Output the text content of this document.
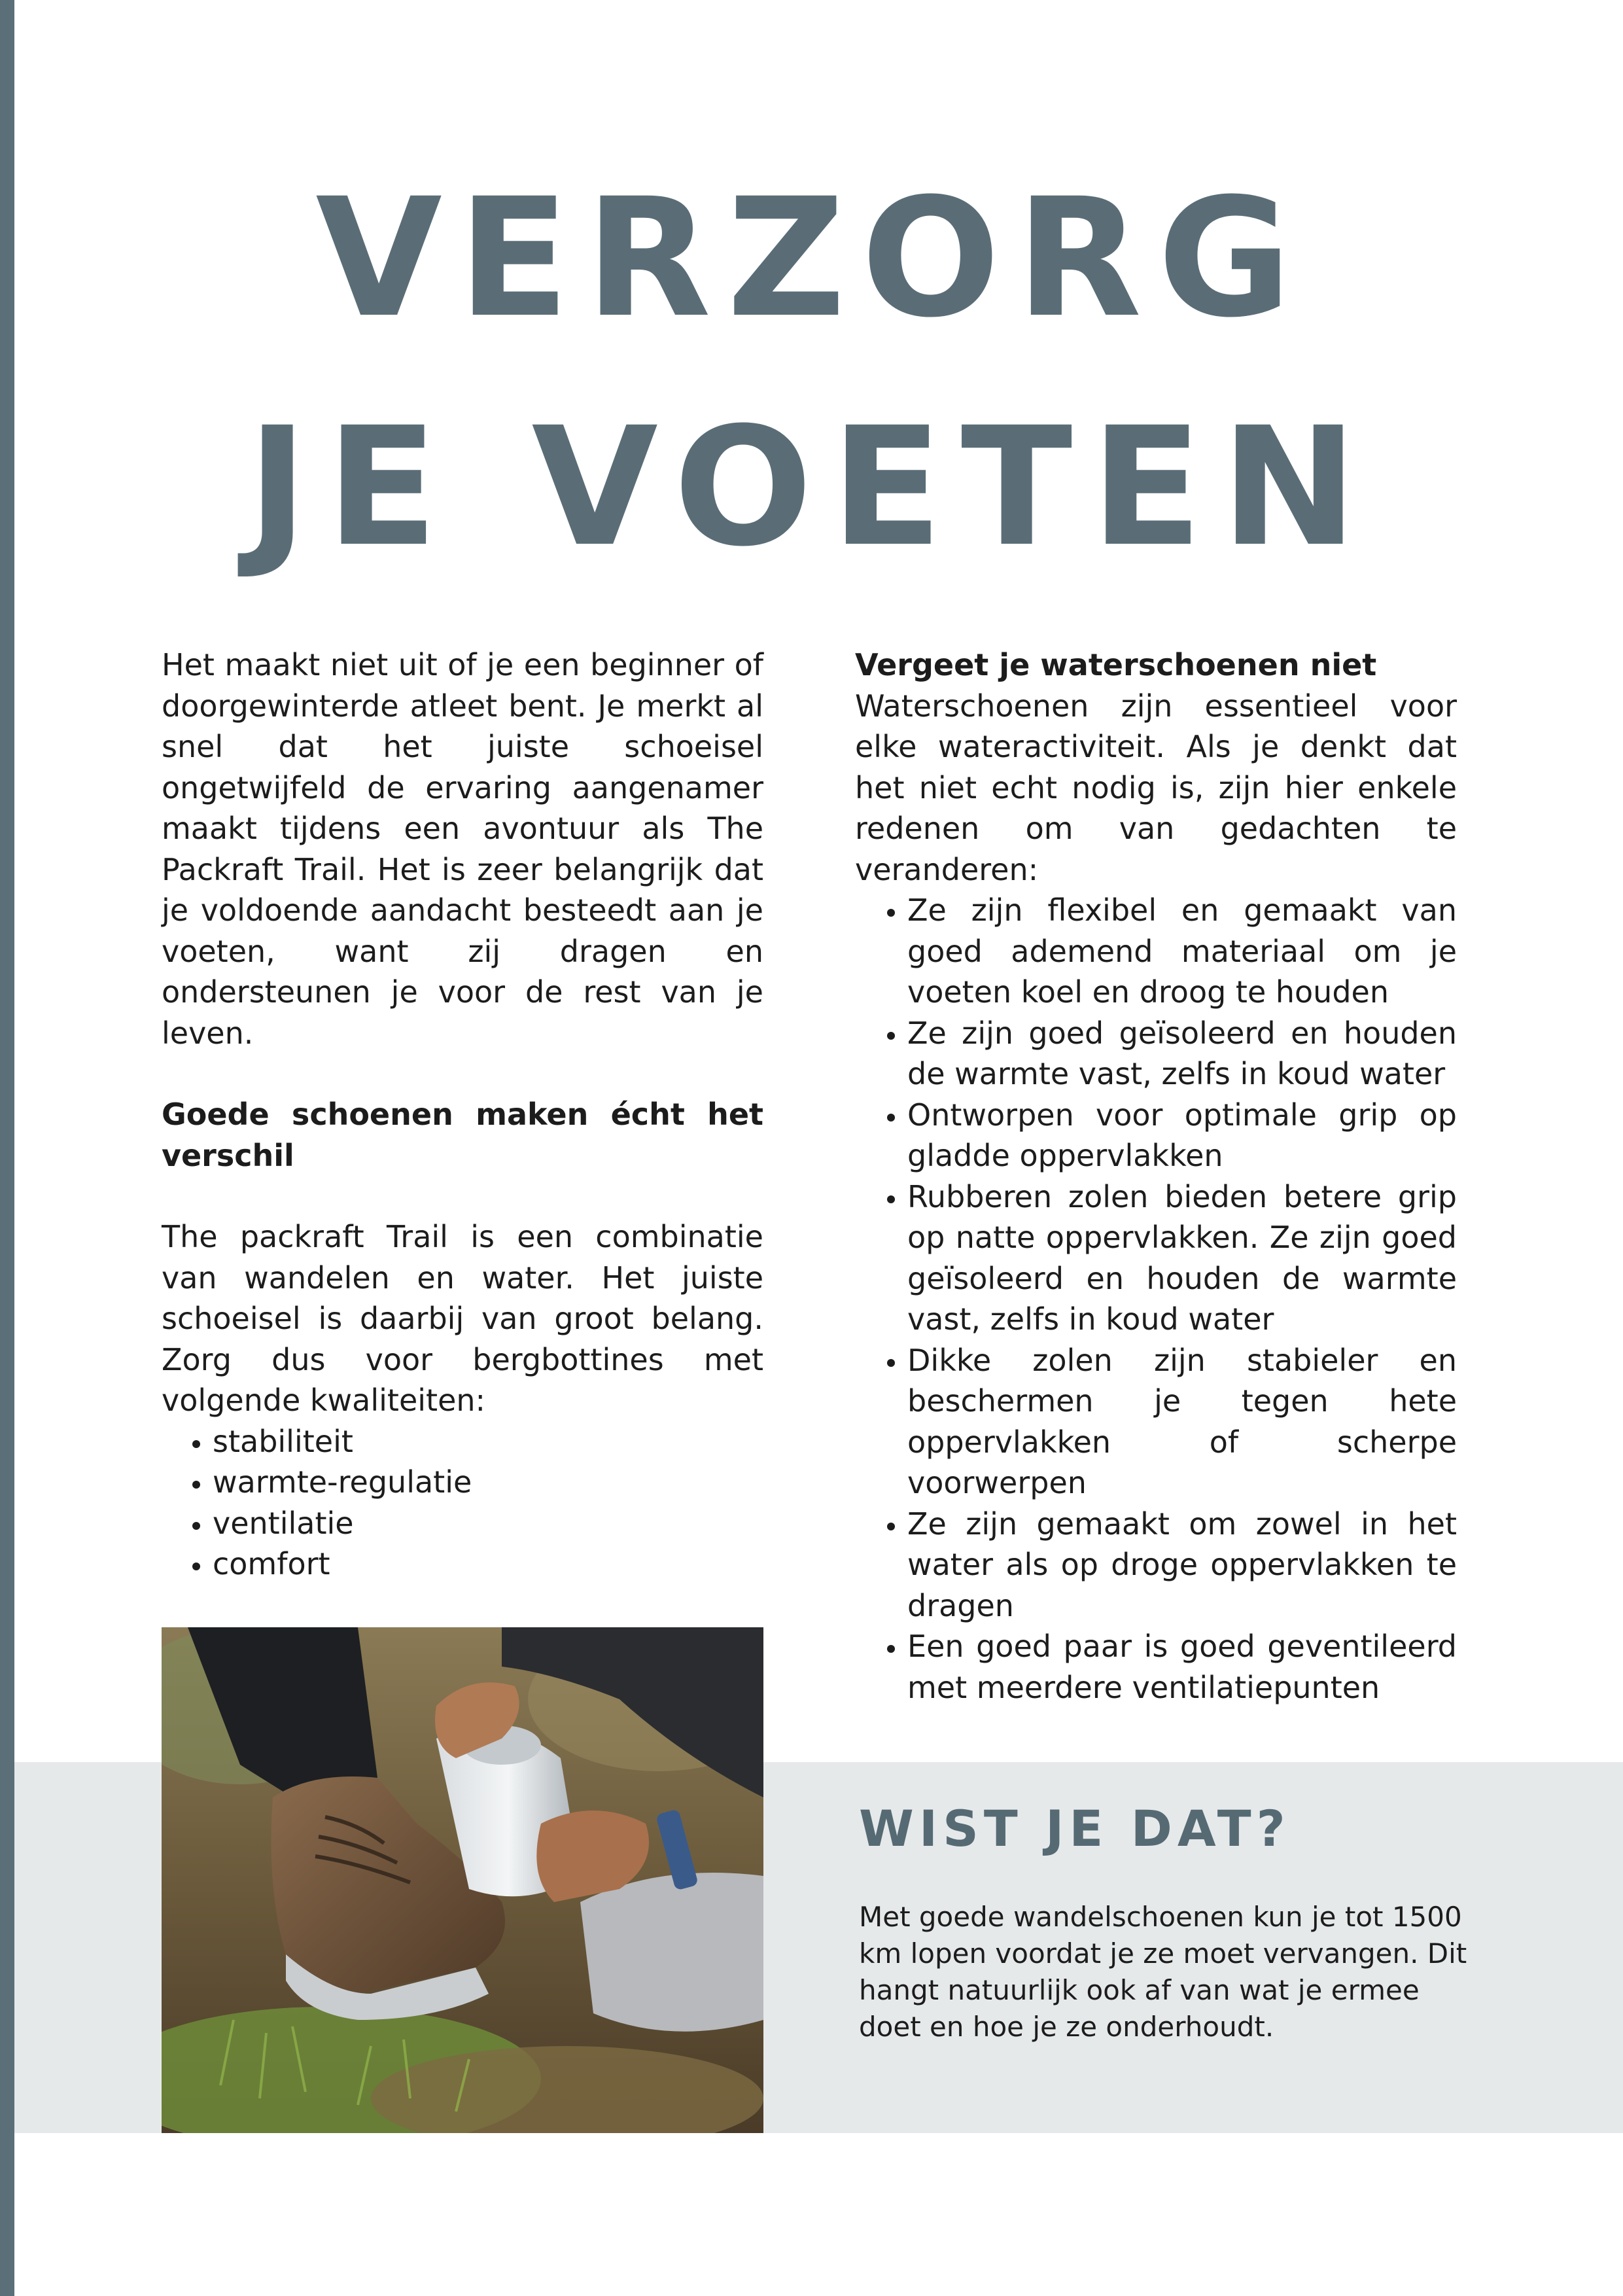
VERZORG
JE VOETEN

Het maakt niet uit of je een beginner of doorgewinterde atleet bent. Je merkt al snel dat het juiste schoeisel ongetwijfeld de ervaring aangenamer maakt tijdens een avontuur als The Packraft Trail. Het is zeer belangrijk dat je voldoende aandacht besteedt aan je voeten, want zij dragen en ondersteunen je voor de rest van je leven.

Goede schoenen maken écht het verschil

The packraft Trail is een combinatie van wandelen en water. Het juiste schoeisel is daarbij van groot belang. Zorg dus voor bergbottines met volgende kwaliteiten:

• stabiliteit
• warmte-regulatie
• ventilatie
• comfort

Vergeet je waterschoenen niet

Waterschoenen zijn essentieel voor elke wateractiviteit. Als je denkt dat het niet echt nodig is, zijn hier enkele redenen om van gedachten te veranderen:

• Ze zijn flexibel en gemaakt van goed ademend materiaal om je voeten koel en droog te houden
• Ze zijn goed geïsoleerd en houden de warmte vast, zelfs in koud water
• Ontworpen voor optimale grip op gladde oppervlakken
• Rubberen zolen bieden betere grip op natte oppervlakken. Ze zijn goed geïsoleerd en houden de warmte vast, zelfs in koud water
• Dikke zolen zijn stabieler en beschermen je tegen hete oppervlakken of scherpe voorwerpen
• Ze zijn gemaakt om zowel in het water als op droge oppervlakken te dragen
• Een goed paar is goed geventileerd met meerdere ventilatiepunten
WIST JE DAT?
Met goede wandelschoenen kun je tot 1500 km lopen voordat je ze moet vervangen. Dit hangt natuurlijk ook af van wat je ermee doet en hoe je ze onderhoudt.
